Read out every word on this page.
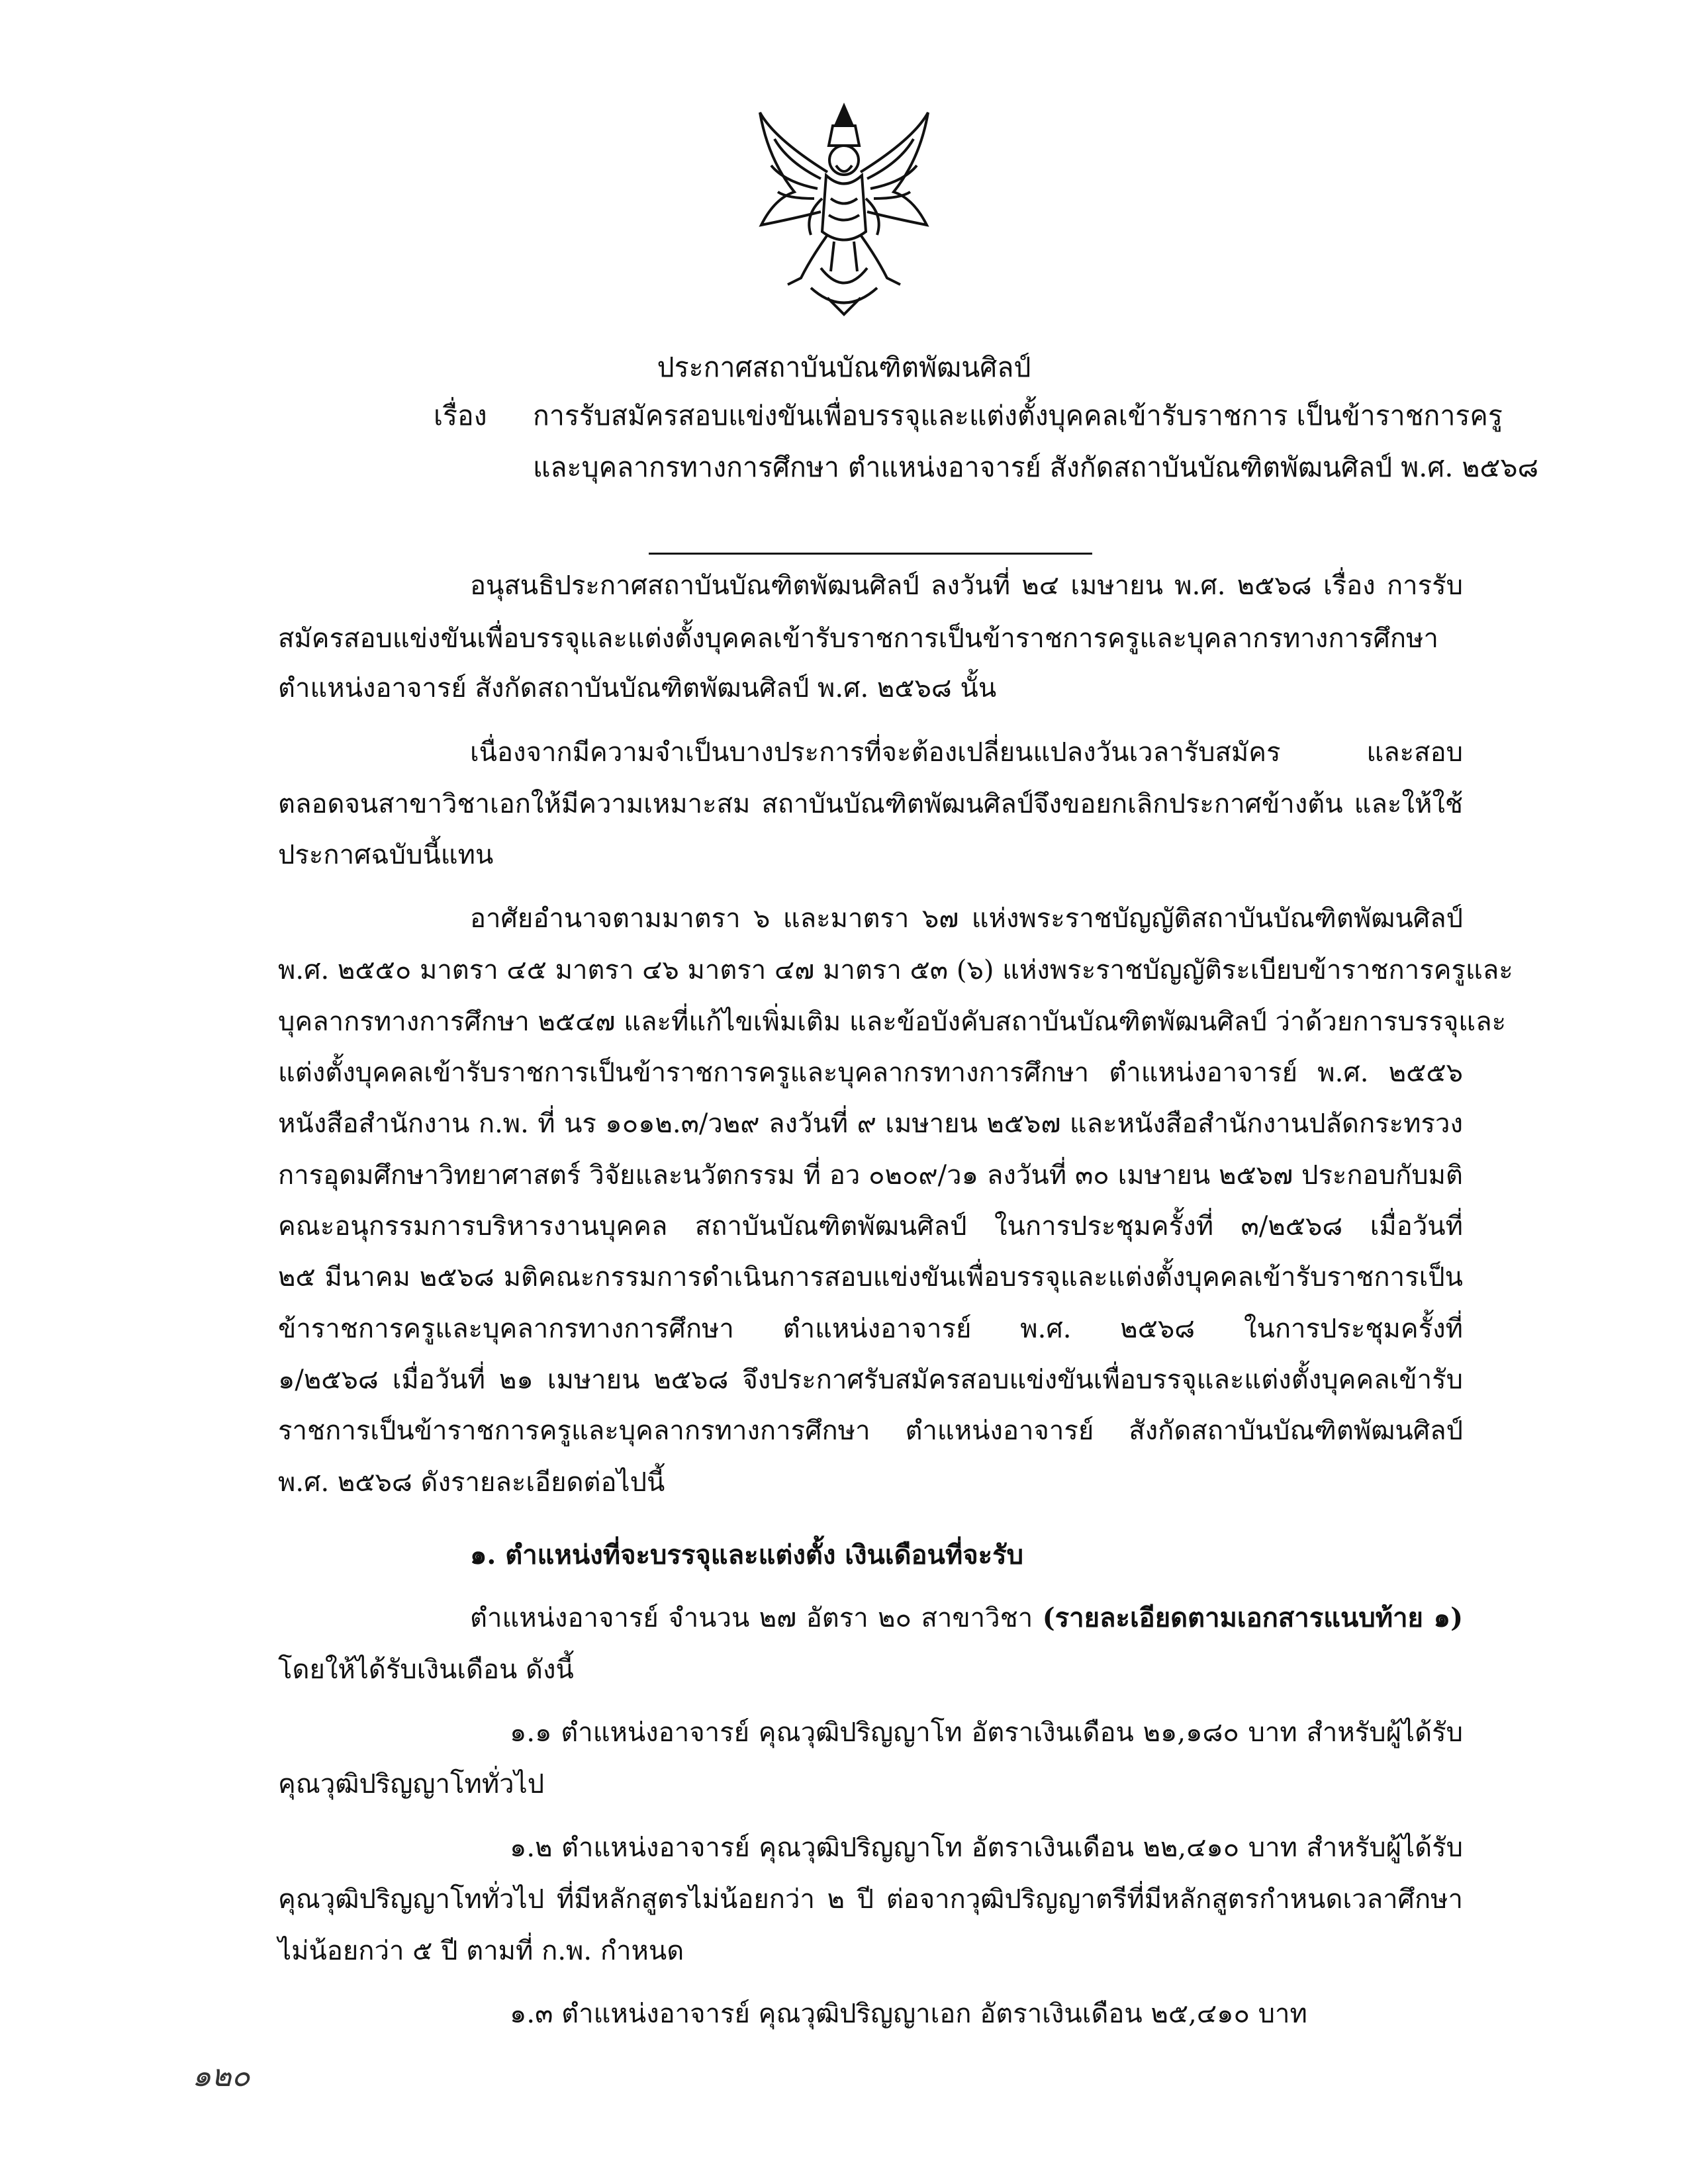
ประกาศสถาบันบัณฑิตพัฒนศิลป์
เรื่อง การรับสมัครสอบแข่งขันเพื่อบรรจุและแต่งตั้งบุคคลเข้ารับราชการ เป็นข้าราชการครู
และบุคลากรทางการศึกษา ตำแหน่งอาจารย์ สังกัดสถาบันบัณฑิตพัฒนศิลป์ พ.ศ. ๒๕๖๘
อนุสนธิประกาศสถาบันบัณฑิตพัฒนศิลป์ ลงวันที่ ๒๔ เมษายน พ.ศ. ๒๕๖๘ เรื่อง การรับ
สมัครสอบแข่งขันเพื่อบรรจุและแต่งตั้งบุคคลเข้ารับราชการเป็นข้าราชการครูและบุคลากรทางการศึกษา
ตำแหน่งอาจารย์ สังกัดสถาบันบัณฑิตพัฒนศิลป์ พ.ศ. ๒๕๖๘ นั้น
เนื่องจากมีความจำเป็นบางประการที่จะต้องเปลี่ยนแปลงวันเวลารับสมัคร และสอบ
ตลอดจนสาขาวิชาเอกให้มีความเหมาะสม สถาบันบัณฑิตพัฒนศิลป์จึงขอยกเลิกประกาศข้างต้น และให้ใช้
ประกาศฉบับนี้แทน
อาศัยอำนาจตามมาตรา ๖ และมาตรา ๖๗ แห่งพระราชบัญญัติสถาบันบัณฑิตพัฒนศิลป์
พ.ศ. ๒๕๕๐ มาตรา ๔๕ มาตรา ๔๖ มาตรา ๔๗ มาตรา ๕๓ (๖) แห่งพระราชบัญญัติระเบียบข้าราชการครูและ
บุคลากรทางการศึกษา ๒๕๔๗ และที่แก้ไขเพิ่มเติม และข้อบังคับสถาบันบัณฑิตพัฒนศิลป์ ว่าด้วยการบรรจุและ
แต่งตั้งบุคคลเข้ารับราชการเป็นข้าราชการครูและบุคลากรทางการศึกษา ตำแหน่งอาจารย์ พ.ศ. ๒๕๕๖
หนังสือสำนักงาน ก.พ. ที่ นร ๑๐๑๒.๓/ว๒๙ ลงวันที่ ๙ เมษายน ๒๕๖๗ และหนังสือสำนักงานปลัดกระทรวง
การอุดมศึกษาวิทยาศาสตร์ วิจัยและนวัตกรรม ที่ อว ๐๒๐๙/ว๑ ลงวันที่ ๓๐ เมษายน ๒๕๖๗ ประกอบกับมติ
คณะอนุกรรมการบริหารงานบุคคล สถาบันบัณฑิตพัฒนศิลป์ ในการประชุมครั้งที่ ๓/๒๕๖๘ เมื่อวันที่
๒๕ มีนาคม ๒๕๖๘ มติคณะกรรมการดำเนินการสอบแข่งขันเพื่อบรรจุและแต่งตั้งบุคคลเข้ารับราชการเป็น
ข้าราชการครูและบุคลากรทางการศึกษา ตำแหน่งอาจารย์ พ.ศ. ๒๕๖๘ ในการประชุมครั้งที่
๑/๒๕๖๘ เมื่อวันที่ ๒๑ เมษายน ๒๕๖๘ จึงประกาศรับสมัครสอบแข่งขันเพื่อบรรจุและแต่งตั้งบุคคลเข้ารับ
ราชการเป็นข้าราชการครูและบุคลากรทางการศึกษา ตำแหน่งอาจารย์ สังกัดสถาบันบัณฑิตพัฒนศิลป์
พ.ศ. ๒๕๖๘ ดังรายละเอียดต่อไปนี้
๑. ตำแหน่งที่จะบรรจุและแต่งตั้ง เงินเดือนที่จะรับ
ตำแหน่งอาจารย์ จำนวน ๒๗ อัตรา ๒๐ สาขาวิชา (รายละเอียดตามเอกสารแนบท้าย ๑)
โดยให้ได้รับเงินเดือน ดังนี้
๑.๑ ตำแหน่งอาจารย์ คุณวุฒิปริญญาโท อัตราเงินเดือน ๒๑,๑๘๐ บาท สำหรับผู้ได้รับ
คุณวุฒิปริญญาโททั่วไป
๑.๒ ตำแหน่งอาจารย์ คุณวุฒิปริญญาโท อัตราเงินเดือน ๒๒,๔๑๐ บาท สำหรับผู้ได้รับ
คุณวุฒิปริญญาโททั่วไป ที่มีหลักสูตรไม่น้อยกว่า ๒ ปี ต่อจากวุฒิปริญญาตรีที่มีหลักสูตรกำหนดเวลาศึกษา
ไม่น้อยกว่า ๕ ปี ตามที่ ก.พ. กำหนด
๑.๓ ตำแหน่งอาจารย์ คุณวุฒิปริญญาเอก อัตราเงินเดือน ๒๕,๔๑๐ บาท
๑๒๐
